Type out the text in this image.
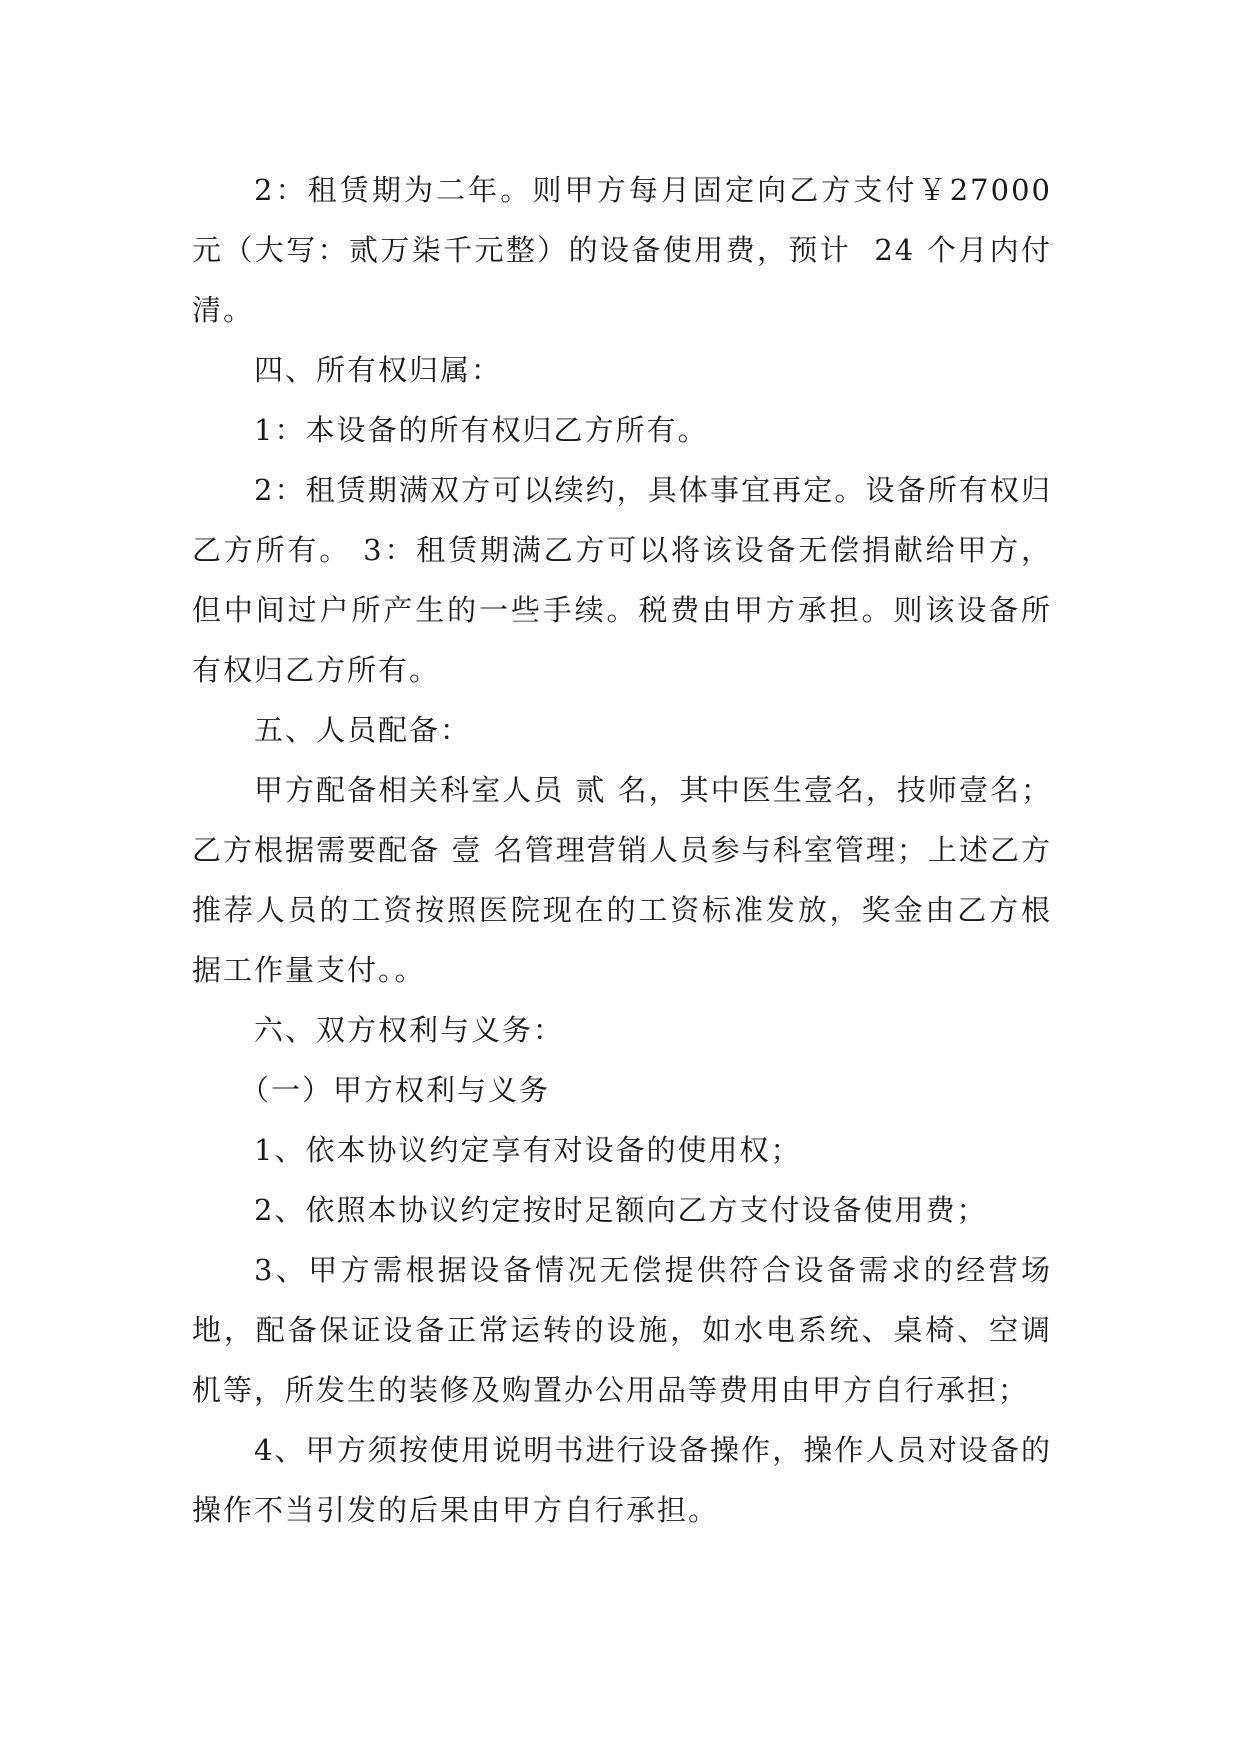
2：租赁期为二年。则甲方每月固定向乙方支付￥27000 元（大写：贰万柒千元整）的设备使用费，预计  24 个月内付清。

四、所有权归属：

1：本设备的所有权归乙方所有。

2：租赁期满双方可以续约，具体事宜再定。设备所有权归乙方所有。 3：租赁期满乙方可以将该设备无偿捐献给甲方，但中间过户所产生的一些手续。税费由甲方承担。则该设备所有权归乙方所有。

五、人员配备：

甲方配备相关科室人员 贰 名，其中医生壹名，技师壹名；乙方根据需要配备 壹 名管理营销人员参与科室管理；上述乙方推荐人员的工资按照医院现在的工资标准发放，奖金由乙方根据工作量支付。。

六、双方权利与义务：

（一）甲方权利与义务

1、依本协议约定享有对设备的使用权；

2、依照本协议约定按时足额向乙方支付设备使用费；

3、甲方需根据设备情况无偿提供符合设备需求的经营场地，配备保证设备正常运转的设施，如水电系统、桌椅、空调机等，所发生的装修及购置办公用品等费用由甲方自行承担；

4、甲方须按使用说明书进行设备操作，操作人员对设备的操作不当引发的后果由甲方自行承担。
